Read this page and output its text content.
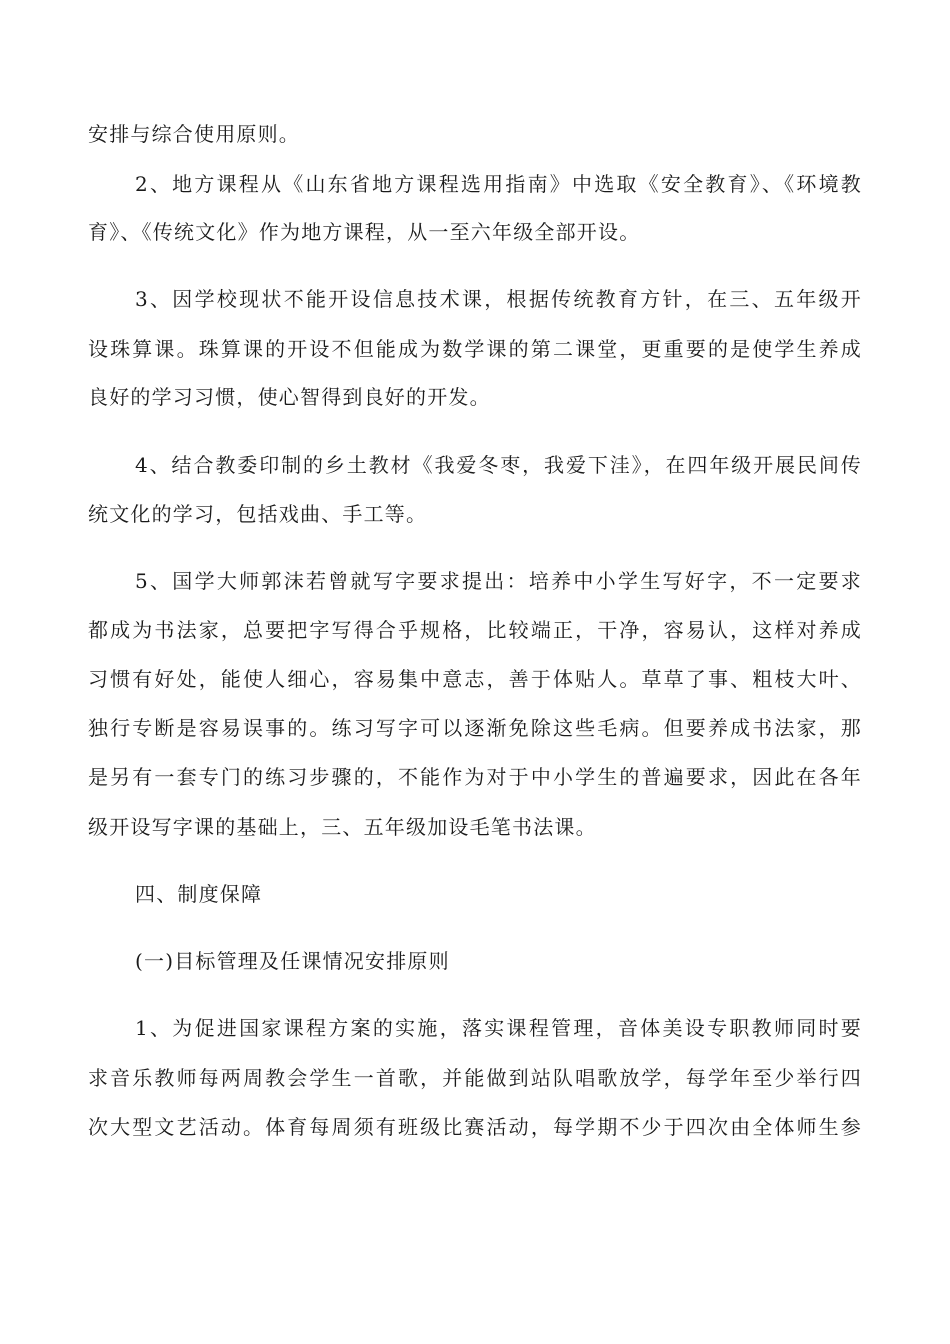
安排与综合使用原则。
2、地方课程从《山东省地方课程选用指南》中选取《安全教育》、《环境教
育》、《传统文化》作为地方课程，从一至六年级全部开设。
3、因学校现状不能开设信息技术课，根据传统教育方针，在三、五年级开
设珠算课。珠算课的开设不但能成为数学课的第二课堂，更重要的是使学生养成
良好的学习习惯，使心智得到良好的开发。
4、结合教委印制的乡土教材《我爱冬枣，我爱下洼》，在四年级开展民间传
统文化的学习，包括戏曲、手工等。
5、国学大师郭沫若曾就写字要求提出：培养中小学生写好字，不一定要求
都成为书法家，总要把字写得合乎规格，比较端正，干净，容易认，这样对养成
习惯有好处，能使人细心，容易集中意志，善于体贴人。草草了事、粗枝大叶、
独行专断是容易误事的。练习写字可以逐渐免除这些毛病。但要养成书法家，那
是另有一套专门的练习步骤的，不能作为对于中小学生的普遍要求，因此在各年
级开设写字课的基础上，三、五年级加设毛笔书法课。
四、制度保障
(一)目标管理及任课情况安排原则
1、为促进国家课程方案的实施，落实课程管理，音体美设专职教师同时要
求音乐教师每两周教会学生一首歌，并能做到站队唱歌放学，每学年至少举行四
次大型文艺活动。体育每周须有班级比赛活动，每学期不少于四次由全体师生参
